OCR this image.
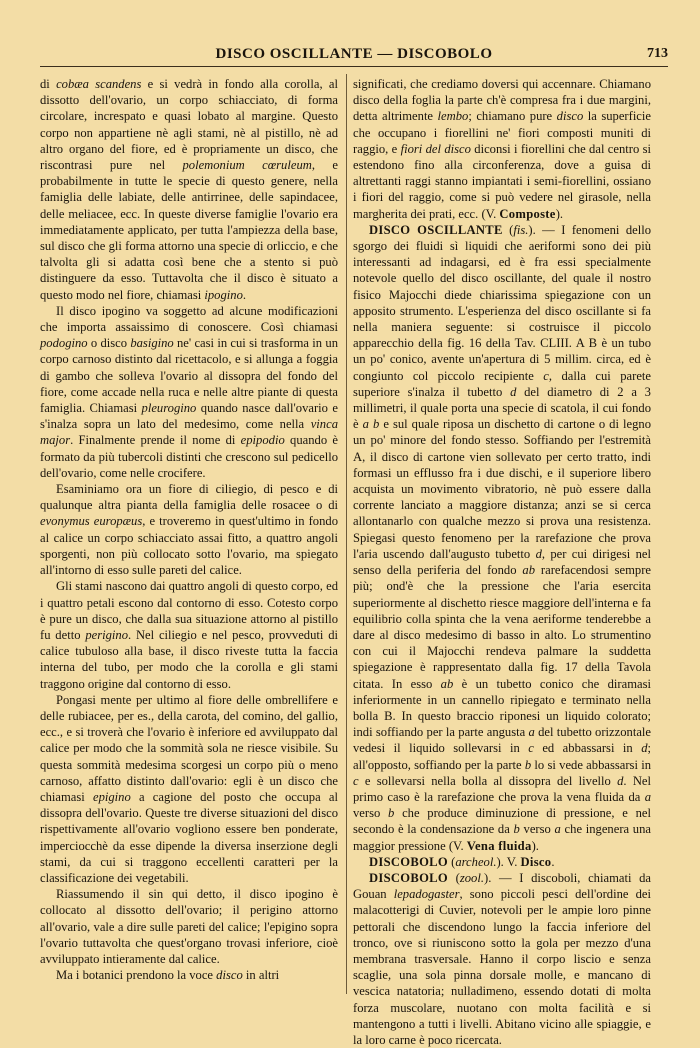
DISCO OSCILLANTE — DISCOBOLO	713

di cobæa scandens e si vedrà in fondo alla corolla, al dissotto dell'ovario, un corpo schiacciato, di forma circolare, increspato e quasi lobato al margine. Questo corpo non appartiene nè agli stami, nè al pistillo, nè ad altro organo del fiore, ed è propriamente un disco, che riscontrasi pure nel polemonium cœruleum, e probabilmente in tutte le specie di questo genere, nella famiglia delle labiate, delle antirrinee, delle sapindacee, delle meliacee, ecc. In queste diverse famiglie l'ovario era immediatamente applicato, per tutta l'ampiezza della base, sul disco che gli forma attorno una specie di orliccio, e che talvolta gli si adatta così bene che a stento si può distinguere da esso. Tuttavolta che il disco è situato a questo modo nel fiore, chiamasi ipogino.

Il disco ipogino va soggetto ad alcune modificazioni che importa assaissimo di conoscere. Così chiamasi podogino o disco basigino ne' casi in cui si trasforma in un corpo carnoso distinto dal ricettacolo, e si allunga a foggia di gambo che solleva l'ovario al dissopra del fondo del fiore, come accade nella ruca e nelle altre piante di questa famiglia. Chiamasi pleurogino quando nasce dall'ovario e s'inalza sopra un lato del medesimo, come nella vinca major. Finalmente prende il nome di epipodio quando è formato da più tubercoli distinti che crescono sul pedicello dell'ovario, come nelle crocifere.

Esaminiamo ora un fiore di ciliegio, di pesco e di qualunque altra pianta della famiglia delle rosacee o di evonymus europæus, e troveremo in quest'ultimo in fondo al calice un corpo schiacciato assai fitto, a quattro angoli sporgenti, non più collocato sotto l'ovario, ma spiegato all'intorno di esso sulle pareti del calice.

Gli stami nascono dai quattro angoli di questo corpo, ed i quattro petali escono dal contorno di esso. Cotesto corpo è pure un disco, che dalla sua situazione attorno al pistillo fu detto perigino. Nel ciliegio e nel pesco, provveduti di calice tubuloso alla base, il disco riveste tutta la faccia interna del tubo, per modo che la corolla e gli stami traggono origine dal contorno di esso.

Pongasi mente per ultimo al fiore delle ombrellifere e delle rubiacee, per es., della carota, del comino, del gallio, ecc., e si troverà che l'ovario è inferiore ed avviluppato dal calice per modo che la sommità sola ne riesce visibile. Su questa sommità medesima scorgesi un corpo più o meno carnoso, affatto distinto dall'ovario: egli è un disco che chiamasi epigino a cagione del posto che occupa al dissopra dell'ovario. Queste tre diverse situazioni del disco rispettivamente all'ovario vogliono essere ben ponderate, imperciocchè da esse dipende la diversa inserzione degli stami, da cui si traggono eccellenti caratteri per la classificazione dei vegetabili.

Riassumendo il sin qui detto, il disco ipogino è collocato al dissotto dell'ovario; il perigino attorno all'ovario, vale a dire sulle pareti del calice; l'epigino sopra l'ovario tuttavolta che quest'organo trovasi inferiore, cioè avviluppato intieramente dal calice.

Ma i botanici prendono la voce disco in altri

significati, che crediamo doversi qui accennare. Chiamano disco della foglia la parte ch'è compresa fra i due margini, detta altrimente lembo; chiamano pure disco la superficie che occupano i fiorellini ne' fiori composti muniti di raggio, e fiori del disco diconsi i fiorellini che dal centro si estendono fino alla circonferenza, dove a guisa di altrettanti raggi stanno impiantati i semi-fiorellini, ossiano i fiori del raggio, come si può vedere nel girasole, nella margherita dei prati, ecc. (V. Composte).

DISCO OSCILLANTE (fis.). — I fenomeni dello sgorgo dei fluidi sì liquidi che aeriformi sono dei più interessanti ad indagarsi, ed è fra essi specialmente notevole quello del disco oscillante, del quale il nostro fisico Majocchi diede chiarissima spiegazione con un apposito strumento. L'esperienza del disco oscillante si fa nella maniera seguente: si costruisce il piccolo apparecchio della fig. 16 della Tav. CLIII. A B è un tubo un po' conico, avente un'apertura di 5 millim. circa, ed è congiunto col piccolo recipiente c, dalla cui parete superiore s'inalza il tubetto d del diametro di 2 a 3 millimetri, il quale porta una specie di scatola, il cui fondo è a b e sul quale riposa un dischetto di cartone o di legno un po' minore del fondo stesso. Soffiando per l'estremità A, il disco di cartone vien sollevato per certo tratto, indi formasi un efflusso fra i due dischi, e il superiore libero acquista un movimento vibratorio, nè può essere dalla corrente lanciato a maggiore distanza; anzi se si cerca allontanarlo con qualche mezzo si prova una resistenza. Spiegasi questo fenomeno per la rarefazione che prova l'aria uscendo dall'augusto tubetto d, per cui dirigesi nel senso della periferia del fondo ab rarefacendosi sempre più; ond'è che la pressione che l'aria esercita superiormente al dischetto riesce maggiore dell'interna e fa equilibrio colla spinta che la vena aeriforme tenderebbe a dare al disco medesimo di basso in alto. Lo strumentino con cui il Majocchi rendeva palmare la suddetta spiegazione è rappresentato dalla fig. 17 della Tavola citata. In esso ab è un tubetto conico che diramasi inferiormente in un cannello ripiegato e terminato nella bolla B. In questo braccio riponesi un liquido colorato; indi soffiando per la parte angusta a del tubetto orizzontale vedesi il liquido sollevarsi in c ed abbassarsi in d; all'opposto, soffiando per la parte b lo si vede abbassarsi in c e sollevarsi nella bolla al dissopra del livello d. Nel primo caso è la rarefazione che prova la vena fluida da a verso b che produce diminuzione di pressione, e nel secondo è la condensazione da b verso a che ingenera una maggior pressione (V. Vena fluida).

DISCOBOLO (archeol.). V. Disco.

DISCOBOLO (zool.). — I discoboli, chiamati da Gouan lepadogaster, sono piccoli pesci dell'ordine dei malacotterigi di Cuvier, notevoli per le ampie loro pinne pettorali che discendono lungo la faccia inferiore del tronco, ove si riuniscono sotto la gola per mezzo d'una membrana trasversale. Hanno il corpo liscio e senza scaglie, una sola pinna dorsale molle, e mancano di vescica natatoria; nulladimeno, essendo dotati di molta forza muscolare, nuotano con molta facilità e si mantengono a tutti i livelli. Abitano vicino alle spiaggie, e la loro carne è poco ricercata.
